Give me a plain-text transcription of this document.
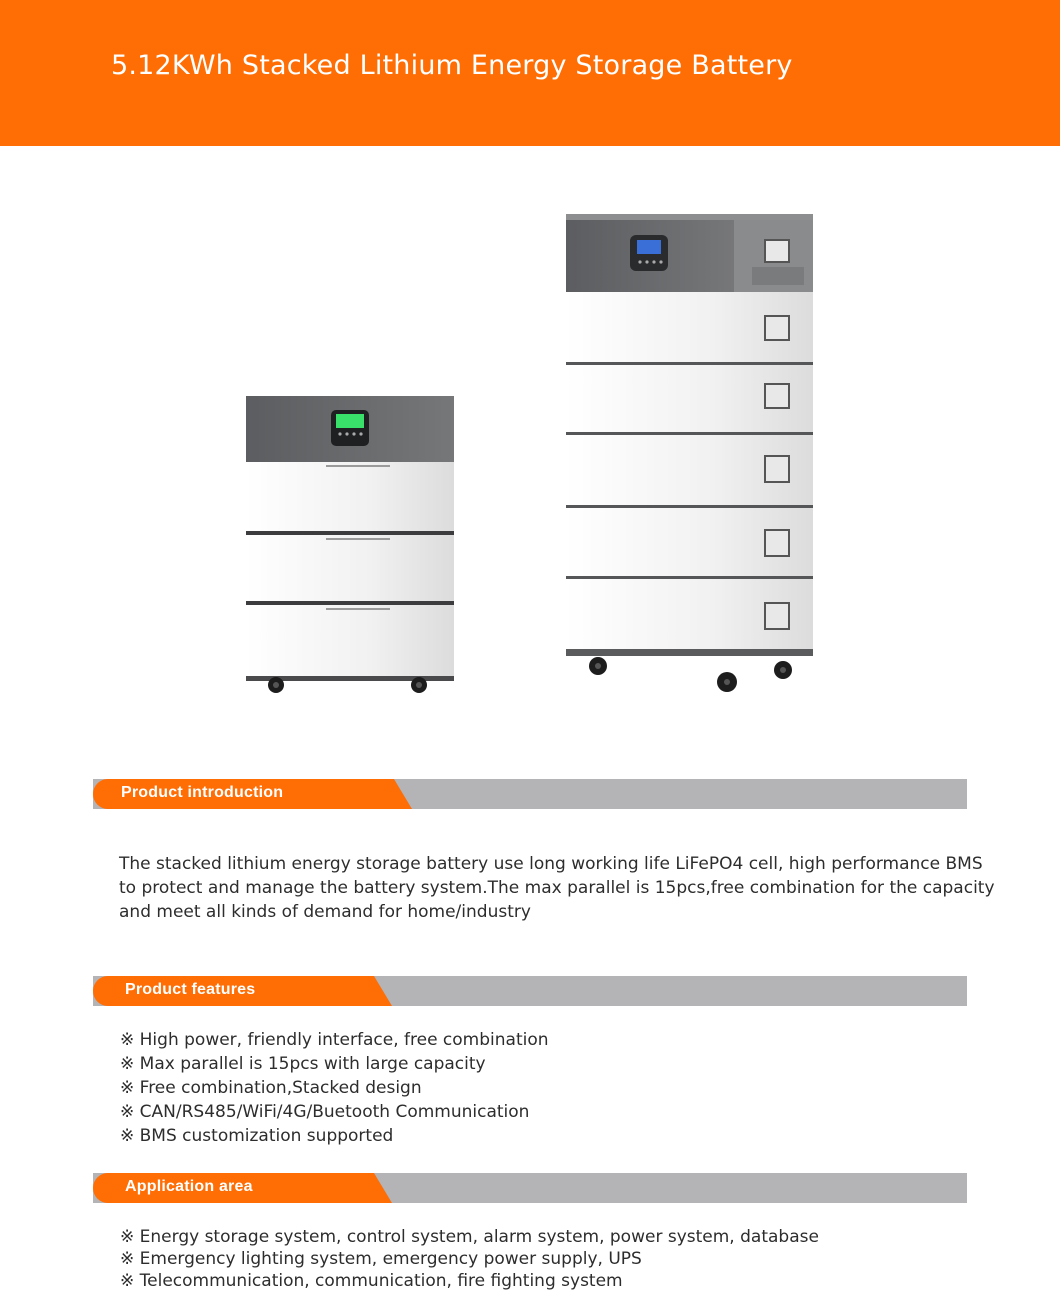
5.12KWh Stacked Lithium Energy Storage Battery
Product introduction
The stacked lithium energy storage battery use long working life LiFePO4 cell, high performance BMS
to protect and manage the battery system.The max parallel is 15pcs,free combination for the capacity
and meet all kinds of demand for home/industry
Product features
※ High power, friendly interface, free combination
※ Max parallel is 15pcs with large capacity
※ Free combination,Stacked design
※ CAN/RS485/WiFi/4G/Buetooth Communication
※ BMS customization supported
Application area
※ Energy storage system, control system, alarm system, power system, database
※ Emergency lighting system, emergency power supply, UPS
※ Telecommunication, communication, fire fighting system
